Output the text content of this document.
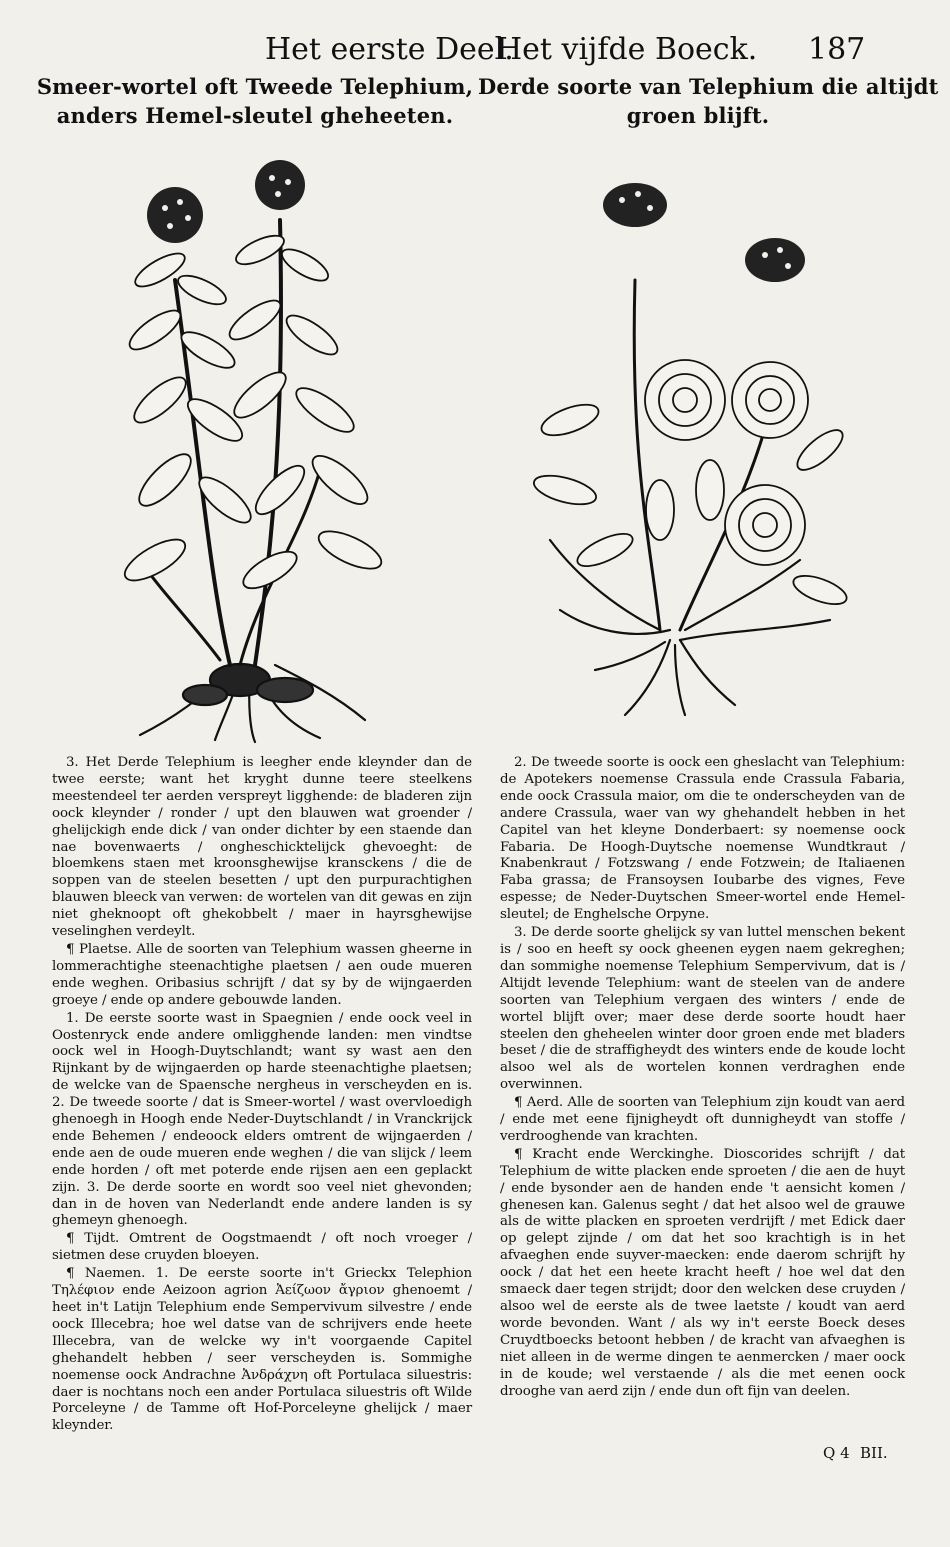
Het eerste Deel.
Het vijfde Boeck. 187
Smeer-wortel oft Tweede Telephium,
anders Hemel-sleutel gheheeten.
Derde soorte van Telephium die altijdt
groen blijft.

3. Het Derde Telephium is leegher ende kleynder dan de twee eerste; want het kryght dunne teere steelkens meestendeel ter aerden verspreyt ligghende: de bladeren zijn oock kleynder / ronder / upt den blauwen wat groender / ghelijckigh ende dick / van onder dichter by een staende dan nae bovenwaerts / ongheschicktelijck ghevoeght: de bloemkens staen met kroonsghewijse kransckens / die de soppen van de steelen besetten / upt den purpurachtighen blauwen bleeck van verwen: de wortelen van dit gewas en zijn niet gheknoopt oft ghekobbelt / maer in hayrsghewijse veselinghen verdeylt.

¶ Plaetse. Alle de soorten van Telephium wassen gheerne in lommerachtighe steenachtighe plaetsen / aen oude mueren ende weghen. Oribasius schrijft / dat sy by de wijngaerden groeye / ende op andere gebouwde landen.

1. De eerste soorte wast in Spaegnien / ende oock veel in Oostenryck ende andere omligghende landen: men vindtse oock wel in Hoogh-Duytschlandt; want sy wast aen den Rijnkant by de wijngaerden op harde steenachtighe plaetsen; de welcke van de Spaensche nergheus in verscheyden en is. 2. De tweede soorte / dat is Smeer-wortel / wast overvloedigh ghenoegh in Hoogh ende Neder-Duytschlandt / in Vranckrijck ende Behemen / endeoock elders omtrent de wijngaerden / ende aen de oude mueren ende weghen / die van slijck / leem ende horden / oft met poterde ende rijsen aen een geplackt zijn. 3. De derde soorte en wordt soo veel niet ghevonden; dan in de hoven van Nederlandt ende andere landen is sy ghemeyn ghenoegh.

¶ Tijdt. Omtrent de Oogstmaendt / oft noch vroeger / sietmen dese cruyden bloeyen.

¶ Naemen. 1. De eerste soorte in't Grieckx Telephion Τηλέφιον ende Aeizoon agrion Ἀείζωον ἄγριον ghenoemt / heet in't Latijn Telephium ende Sempervivum silvestre / ende oock Illecebra; hoe wel datse van de schrijvers ende heete Illecebra, van de welcke wy in't voorgaende Capitel ghehandelt hebben / seer verscheyden is. Sommighe noemense oock Andrachne Ἀνδράχνη oft Portulaca siluestris: daer is nochtans noch een ander Portulaca siluestris oft Wilde Porceleyne / de Tamme oft Hof-Porceleyne ghelijck / maer kleynder.

2. De tweede soorte is oock een gheslacht van Telephium: de Apotekers noemense Crassula ende Crassula Fabaria, ende oock Crassula maior, om die te onderscheyden van de andere Crassula, waer van wy ghehandelt hebben in het Capitel van het kleyne Donderbaert: sy noemense oock Fabaria. De Hoogh-Duytsche noemense Wundtkraut / Knabenkraut / Fotzswang / ende Fotzwein; de Italiaenen Faba grassa; de Fransoysen Ioubarbe des vignes, Feve espesse; de Neder-Duytschen Smeer-wortel ende Hemel-sleutel; de Enghelsche Orpyne.

3. De derde soorte ghelijck sy van luttel menschen bekent is / soo en heeft sy oock gheenen eygen naem gekreghen; dan sommighe noemense Telephium Sempervivum, dat is / Altijdt levende Telephium: want de steelen van de andere soorten van Telephium vergaen des winters / ende de wortel blijft over; maer dese derde soorte houdt haer steelen den gheheelen winter door groen ende met bladers beset / die de straffigheydt des winters ende de koude locht alsoo wel als de wortelen konnen verdraghen ende overwinnen.

¶ Aerd. Alle de soorten van Telephium zijn koudt van aerd / ende met eene fijnigheydt oft dunnigheydt van stoffe / verdrooghende van krachten.

¶ Kracht ende Werckinghe. Dioscorides schrijft / dat Telephium de witte placken ende sproeten / die aen de huyt / ende bysonder aen de handen ende 't aensicht komen / ghenesen kan. Galenus seght / dat het alsoo wel de grauwe als de witte placken en sproeten verdrijft / met Edick daer op gelept zijnde / om dat het soo krachtigh is in het afvaeghen ende suyver-maecken: ende daerom schrijft hy oock / dat het een heete kracht heeft / hoe wel dat den smaeck daer tegen strijdt; door den welcken dese cruyden / alsoo wel de eerste als de twee laetste / koudt van aerd worde bevonden. Want / als wy in't eerste Boeck deses Cruydtboecks betoont hebben / de kracht van afvaeghen is niet alleen in de werme dingen te aenmercken / maer oock in de koude; wel verstaende / als die met eenen oock drooghe van aerd zijn / ende dun oft fijn van deelen.

Q 4 BII.
